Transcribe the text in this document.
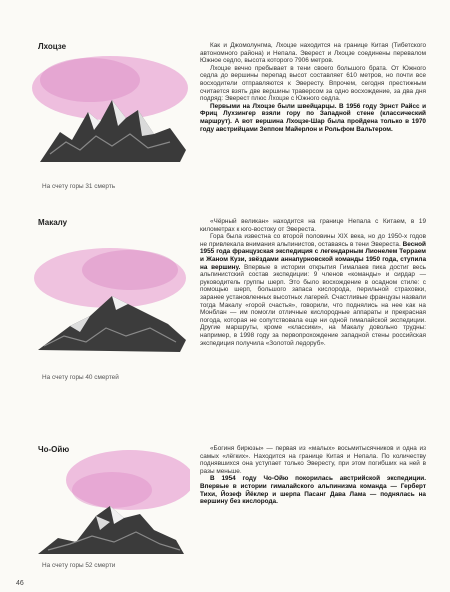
Лхоцзе
На счету горы 31 смерть

Как и Джомолунгма, Лхоцзе находится на границе Китая (Тибетского автономного района) и Непала. Эверест и Лхоцзе соединены перевалом Южное седло, высота которого 7906 метров.

Лхоцзе вечно пребывает в тени своего большого брата. От Южного седла до вершины перепад высот составляет 610 метров, но почти все восходители отправляются к Эвересту. Впрочем, сегодня престижным считается взять две вершины траверсом за одно восхождение, за два дня подряд: Эверест плюс Лхоцзе с Южного седла.

Первыми на Лхоцзе были швейцарцы. В 1956 году Эрнст Райсс и Фриц Лухзингер взяли гору по Западной стене (классический маршрут). А вот вершина Лхоцзе-Шар была пройдена только в 1970 году австрийцами Зеппом Майерлон и Рольфом Вальтером.

Макалу
На счету горы 40 смертей

«Чёрный великан» находится на границе Непала с Китаем, в 19 километрах к юго-востоку от Эвереста.

Гора была известна со второй половины XIX века, но до 1950-х годов не привлекала внимания альпинистов, оставаясь в тени Эвереста. Весной 1955 года французская экспедиция с легендарным Лионелем Терраем и Жаном Кузи, звёздами аннапурновской команды 1950 года, ступила на вершину. Впервые в истории открытия Гималаев пика достиг весь альпинистский состав экспедиции: 9 членов «команды» и сирдар — руководитель группы шерп. Это было восхождение в осадном стиле: с помощью шерп, большого запаса кислорода, перильной страховки, заранее установленных высотных лагерей. Счастливые французы назвали тогда Макалу «горой счастья», говорили, что поднялись на нее как на Монблан — им помогли отличные кислородные аппараты и прекрасная погода, которая не сопутствовала еще ни одной гималайской экспедиции. Другие маршруты, кроме «классики», на Макалу довольно трудны: например, в 1998 году за первопрохождение западной стены российская экспедиция получила «Золотой ледоруб».

Чо-Ойю
На счету горы 52 смерти

«Богиня бирюзы» — первая из «малых» восьмитысячников и одна из самых «лёгких». Находится на границе Китая и Непала. По количеству поднявшихся она уступает только Эвересту, при этом погибших на ней в разы меньше.

В 1954 году Чо-Ойю покорилась австрийской экспедиции. Впервые в истории гималайского альпинизма команда — Герберт Тихи, Йозеф Йёклер и шерпа Пасанг Дава Лама — поднялась на вершину без кислорода.

46
